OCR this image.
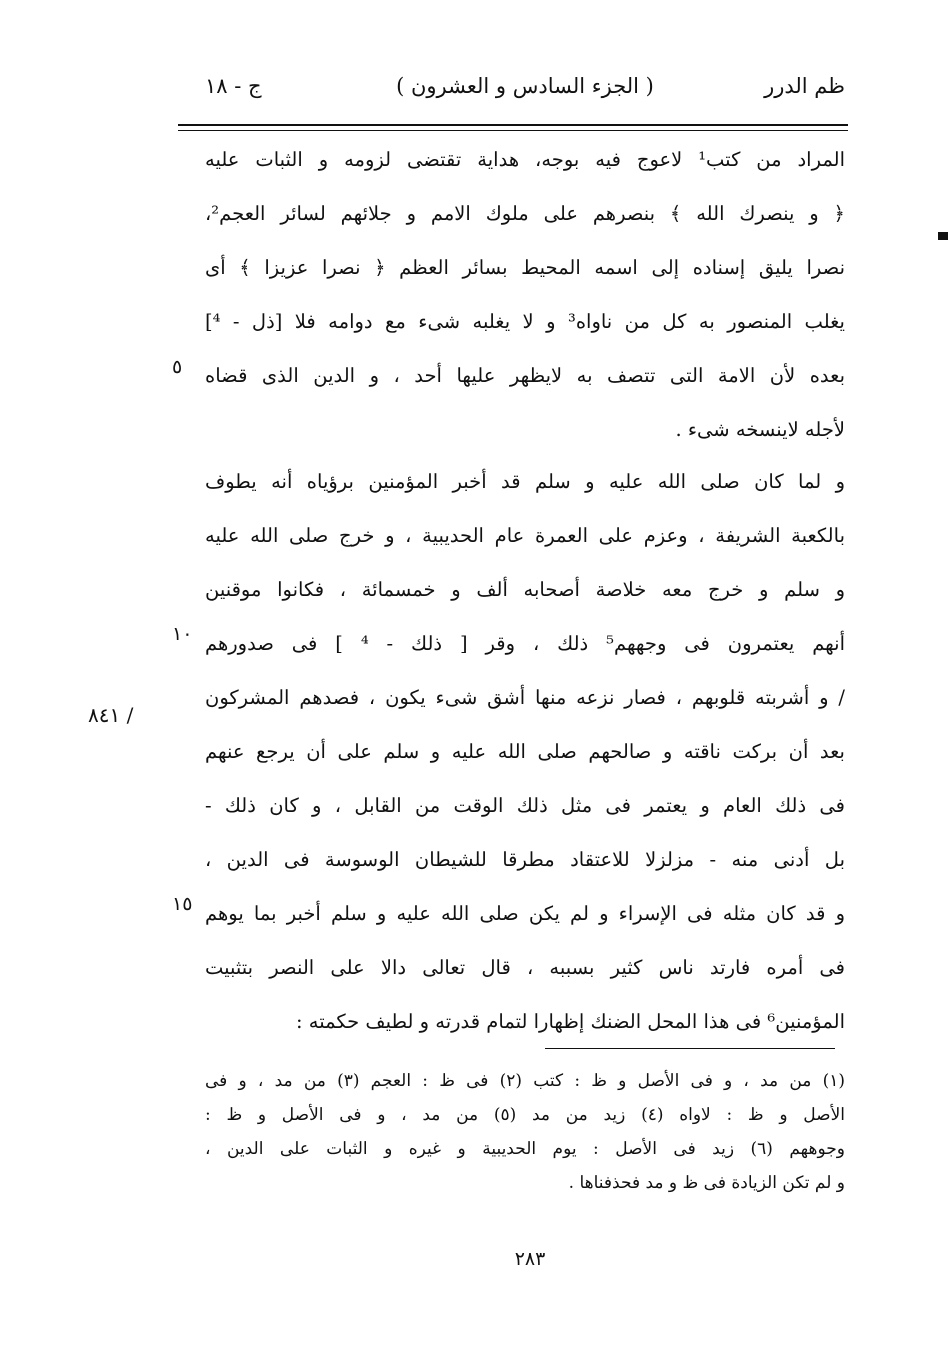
ظم الدرر
( الجزء السادس و العشرون )
ج - ١٨
المراد من كتب¹ لاعوج فيه بوجه، هداية تقتضى لزومه و الثبات عليه
﴿ و ينصرك الله ﴾ بنصرهم على ملوك الامم و جلائهم لسائر العجم²،
نصرا يليق إسناده إلى اسمه المحيط بسائر العظم ﴿ نصرا عزيزا ﴾ أى
يغلب المنصور به كل من ناواه³ و لا يغلبه شىء مع دوامه فلا [ذل - ⁴]
بعده لأن الامة التى تتصف به لايظهر عليها أحد ، و الدين الذى قضاه
لأجله لاينسخه شىء .
و لما كان صلى الله عليه و سلم قد أخبر المؤمنين برؤياه أنه يطوف
بالكعبة الشريفة ، وعزم على العمرة عام الحديبية ، و خرج صلى الله عليه
و سلم و خرج معه خلاصة أصحابه ألف و خمسمائة ، فكانوا موقنين
أنهم يعتمرون فى وجههم⁵ ذلك ، وقر [ ذلك - ⁴ ] فى صدورهم
/ و أشربته قلوبهم ، فصار نزعه منها أشق شىء يكون ، فصدهم المشركون
بعد أن بركت ناقته و صالحهم صلى الله عليه و سلم على أن يرجع عنهم
فى ذلك العام و يعتمر فى مثل ذلك الوقت من القابل ، و كان ذلك -
بل أدنى منه - مزلزلا للاعتقاد مطرقا للشيطان الوسوسة فى الدين ،
و قد كان مثله فى الإسراء و لم يكن صلى الله عليه و سلم أخبر بما يوهم
فى أمره فارتد ناس كثير بسببه ، قال تعالى دالا على النصر بتثبيت
المؤمنين⁶ فى هذا المحل الضنك إظهارا لتمام قدرته و لطيف حكمته :
٥
١٠
١٥
/ ٨٤١
(١) من مد ، و فى الأصل و ظ : كتب (٢) فى ظ : العجم (٣) من مد ، و فى
الأصل و ظ : لاواه (٤) زيد من مد (٥) من مد ، و فى الأصل و ظ :
وجوههم (٦) زيد فى الأصل : يوم الحديبية و غيره و الثبات على الدين ،
و لم تكن الزيادة فى ظ و مد فحذفناها .
٢٨٣
